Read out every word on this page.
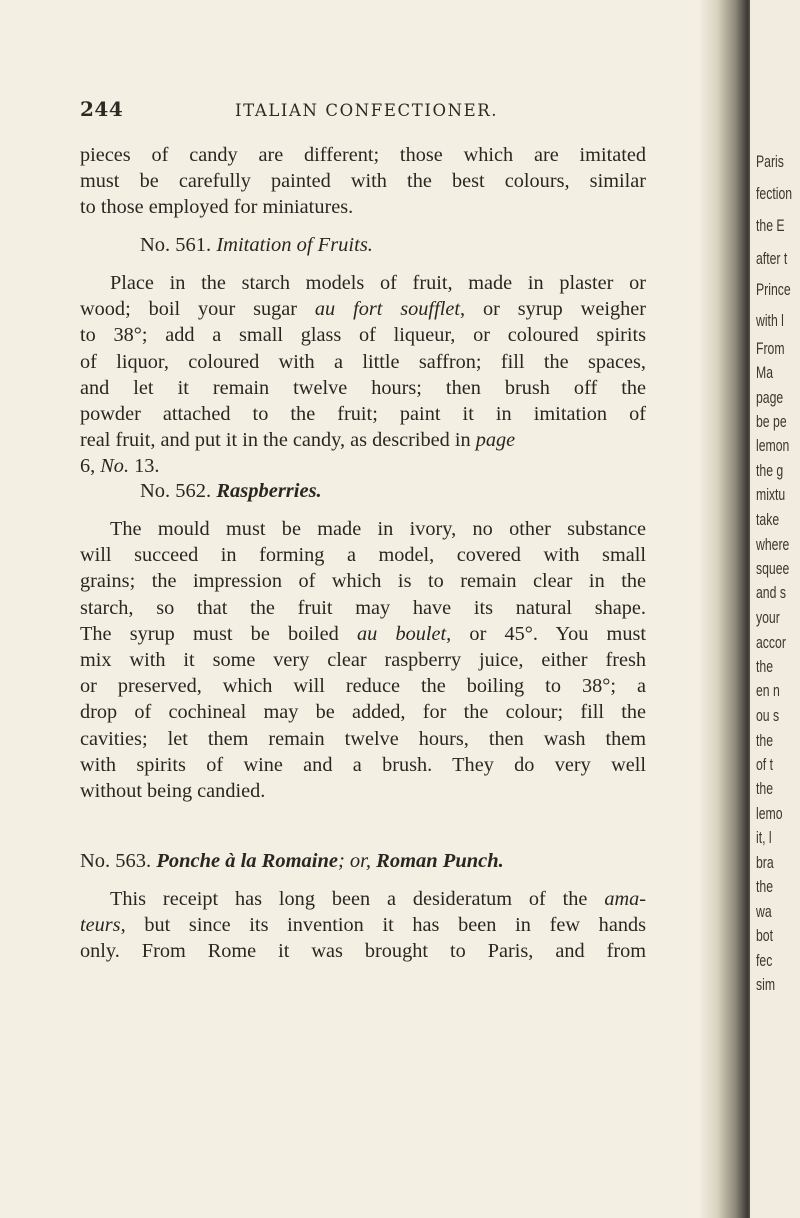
244	ITALIAN CONFECTIONER.
pieces of candy are different; those which are imitated
must be carefully painted with the best colours, similar
to those employed for miniatures.
No. 561. Imitation of Fruits.
Place in the starch models of fruit, made in plaster or
wood; boil your sugar au fort soufflet, or syrup weigher
to 38°; add a small glass of liqueur, or coloured spirits
of liquor, coloured with a little saffron; fill the spaces,
and let it remain twelve hours; then brush off the
powder attached to the fruit; paint it in imitation of
real fruit, and put it in the candy, as described in page
6, No. 13.
No. 562. Raspberries.
The mould must be made in ivory, no other substance
will succeed in forming a model, covered with small
grains; the impression of which is to remain clear in the
starch, so that the fruit may have its natural shape.
The syrup must be boiled au boulet, or 45°. You must
mix with it some very clear raspberry juice, either fresh
or preserved, which will reduce the boiling to 38°; a
drop of cochineal may be added, for the colour; fill the
cavities; let them remain twelve hours, then wash them
with spirits of wine and a brush. They do very well
without being candied.
No. 563. Ponche à la Romaine; or, Roman Punch.
This receipt has long been a desideratum of the ama-
teurs, but since its invention it has been in few hands
only. From Rome it was brought to Paris, and from
Paris
fection
the E
after t
Prince
with l
From
Ma
page
be pe
lemon
the g
mixtu
take
where
squee
and s
your
accor
the
en n
ou s
the
of t
the
lemo
it, l
bra
the
wa
bot
fec
sim
